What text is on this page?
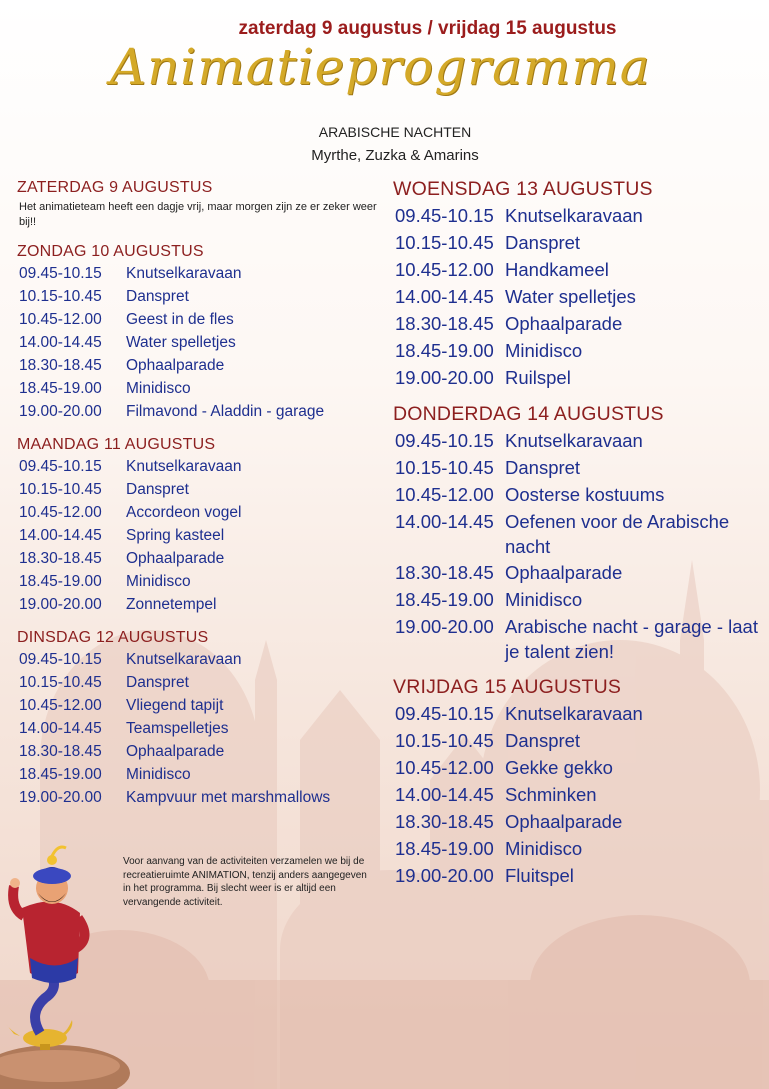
zaterdag 9 augustus / vrijdag 15 augustus
Animatieprogramma
ARABISCHE NACHTEN
Myrthe, Zuzka & Amarins
ZATERDAG 9 AUGUSTUS
Het animatieteam heeft een dagje vrij, maar morgen zijn ze er zeker weer bij!!
ZONDAG 10 AUGUSTUS
09.45-10.15	Knutselkaravaan
10.15-10.45	Danspret
10.45-12.00	Geest in de fles
14.00-14.45	Water spelletjes
18.30-18.45	Ophaalparade
18.45-19.00	Minidisco
19.00-20.00	Filmavond - Aladdin - garage
MAANDAG 11 AUGUSTUS
09.45-10.15	Knutselkaravaan
10.15-10.45	Danspret
10.45-12.00	Accordeon vogel
14.00-14.45	Spring kasteel
18.30-18.45	Ophaalparade
18.45-19.00	Minidisco
19.00-20.00	Zonnetempel
DINSDAG 12 AUGUSTUS
09.45-10.15	Knutselkaravaan
10.15-10.45	Danspret
10.45-12.00	Vliegend tapijt
14.00-14.45	Teamspelletjes
18.30-18.45	Ophaalparade
18.45-19.00	Minidisco
19.00-20.00	Kampvuur met marshmallows
WOENSDAG 13 AUGUSTUS
09.45-10.15 Knutselkaravaan
10.15-10.45 Danspret
10.45-12.00 Handkameel
14.00-14.45 Water spelletjes
18.30-18.45 Ophaalparade
18.45-19.00 Minidisco
19.00-20.00 Ruilspel
DONDERDAG 14 AUGUSTUS
09.45-10.15 Knutselkaravaan
10.15-10.45 Danspret
10.45-12.00 Oosterse kostuums
14.00-14.45 Oefenen voor de Arabische nacht
18.30-18.45 Ophaalparade
18.45-19.00 Minidisco
19.00-20.00 Arabische nacht - garage - laat je talent zien!
VRIJDAG 15 AUGUSTUS
09.45-10.15 Knutselkaravaan
10.15-10.45 Danspret
10.45-12.00 Gekke gekko
14.00-14.45 Schminken
18.30-18.45 Ophaalparade
18.45-19.00 Minidisco
19.00-20.00 Fluitspel
Voor aanvang van de activiteiten verzamelen we bij de recreatieruimte ANIMATION, tenzij anders aangegeven in het programma. Bij slecht weer is er altijd een vervangende activiteit.
